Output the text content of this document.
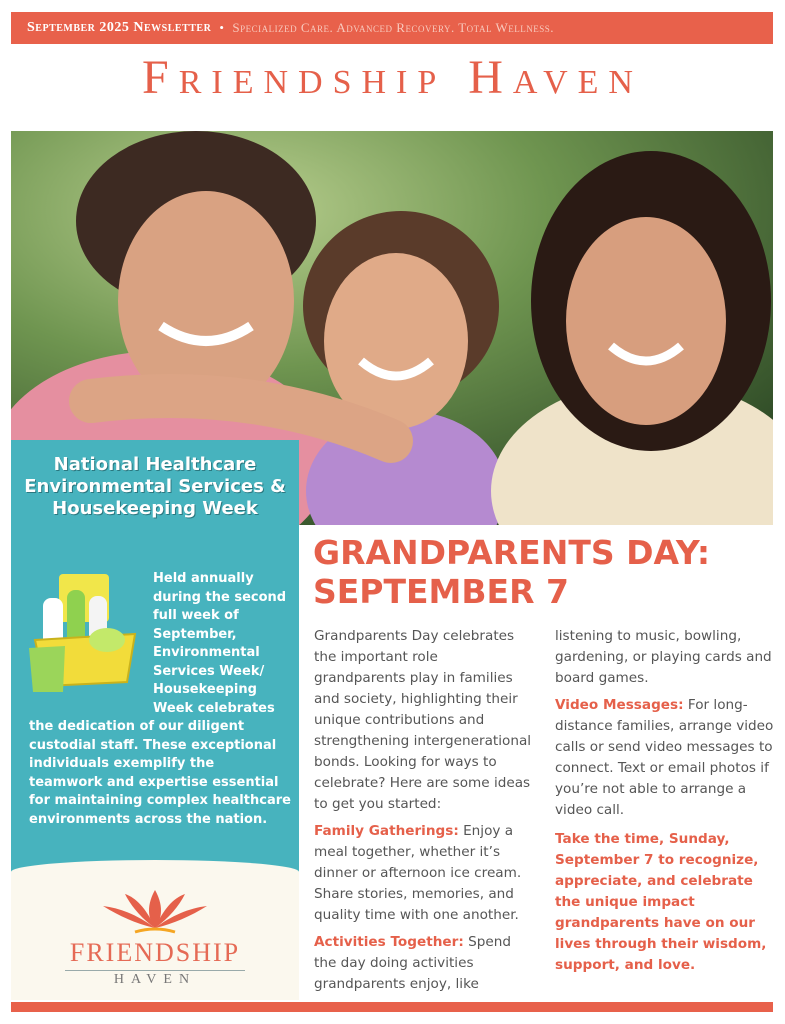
September 2025 Newsletter • Specialized Care. Advanced Recovery. Total Wellness.
Friendship Haven
National Healthcare Environmental Services & Housekeeping Week
Held annually during the second full week of September, Environmental Services Week/ Housekeeping Week celebrates the dedication of our diligent custodial staff. These exceptional individuals exemplify the teamwork and expertise essential for maintaining complex healthcare environments across the nation.
FRIENDSHIP
HAVEN
GRANDPARENTS DAY:
SEPTEMBER 7

Grandparents Day celebrates the important role grandparents play in families and society, highlighting their unique contributions and strengthening intergenerational bonds. Looking for ways to celebrate? Here are some ideas to get you started:

Family Gatherings: Enjoy a meal together, whether it’s dinner or afternoon ice cream. Share stories, memories, and quality time with one another.

Activities Together: Spend the day doing activities grandparents enjoy, like listening to music, bowling, gardening, or playing cards and board games.

Video Messages: For long-distance families, arrange video calls or send video messages to connect. Text or email photos if you’re not able to arrange a video call.

Take the time, Sunday, September 7 to recognize, appreciate, and celebrate the unique impact grandparents have on our lives through their wisdom, support, and love.
